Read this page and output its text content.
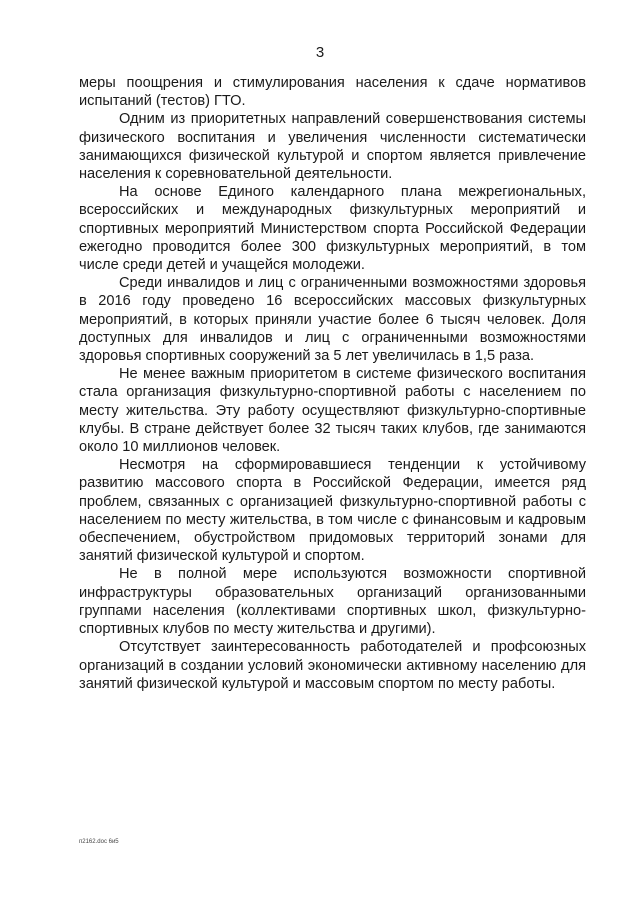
3

меры поощрения и стимулирования населения к сдаче нормативов испытаний (тестов) ГТО.

Одним из приоритетных направлений совершенствования системы физического воспитания и увеличения численности систематически занимающихся физической культурой и спортом является привлечение населения к соревновательной деятельности.

На основе Единого календарного плана межрегиональных, всероссийских и международных физкультурных мероприятий и спортивных мероприятий Министерством спорта Российской Федерации ежегодно проводится более 300 физкультурных мероприятий, в том числе среди детей и учащейся молодежи.

Среди инвалидов и лиц с ограниченными возможностями здоровья в 2016 году проведено 16 всероссийских массовых физкультурных мероприятий, в которых приняли участие более 6 тысяч человек. Доля доступных для инвалидов и лиц с ограниченными возможностями здоровья спортивных сооружений за 5 лет увеличилась в 1,5 раза.

Не менее важным приоритетом в системе физического воспитания стала организация физкультурно-спортивной работы с населением по месту жительства. Эту работу осуществляют физкультурно-спортивные клубы. В стране действует более 32 тысяч таких клубов, где занимаются около 10 миллионов человек.

Несмотря на сформировавшиеся тенденции к устойчивому развитию массового спорта в Российской Федерации, имеется ряд проблем, связанных с организацией физкультурно-спортивной работы с населением по месту жительства, в том числе с финансовым и кадровым обеспечением, обустройством придомовых территорий зонами для занятий физической культурой и спортом.

Не в полной мере используются возможности спортивной инфраструктуры образовательных организаций организованными группами населения (коллективами спортивных школ, физкультурно-спортивных клубов по месту жительства и другими).

Отсутствует заинтересованность работодателей и профсоюзных организаций в создании условий экономически активному населению для занятий физической культурой и массовым спортом по месту работы.

п2162.doc 6и5
